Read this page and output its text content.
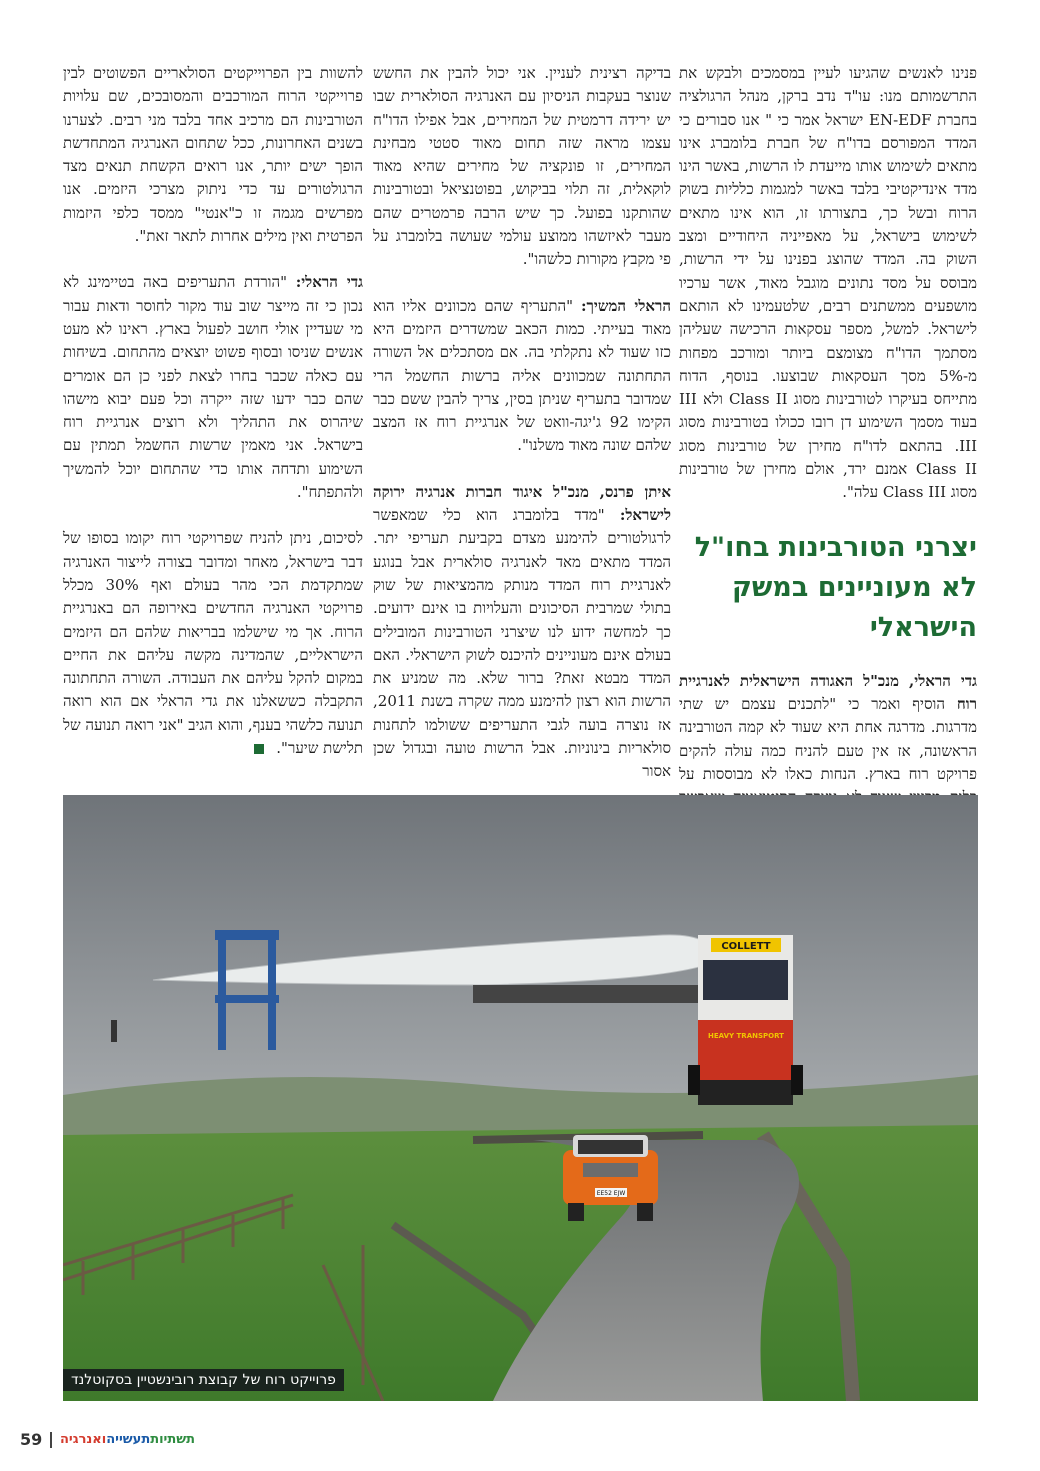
פנינו לאנשים שהגיעו לעיין במסמכים ולבקש את התרשמותם מנו: עו"ד נדב ברקן, מנהל הרגולציה בחברת EN-EDF ישראל אמר כי " אנו סבורים כי המדד המפורסם בדו"ח של חברת בלומברג אינו מתאים לשימוש אותו מייעדת לו הרשות, באשר הינו מדד אינדיקטיבי בלבד באשר למגמות כלליות בשוק הרוח ובשל כך, בתצורתו זו, הוא אינו מתאים לשימוש בישראל, על מאפייניה היחודיים ומצב השוק בה. המדד שהוצג בפנינו על ידי הרשות, מבוסס על מסד נתונים מוגבל מאוד, אשר ערכיו מושפעים ממשתנים רבים, שלטעמינו לא הותאם לישראל. למשל, מספר עסקאות הרכישה שעליהן מסתמך הדו"ח מצומצם ביותר ומורכב מפחות מ-5% מסך העסקאות שבוצעו. בנוסף, הדוח מתייחס בעיקרו לטורבינות מסוג Class II ולא III בעוד מסמך השימוע דן רובו ככולו בטורבינות מסוג III. בהתאם לדו"ח מחירן של טורבינות מסוג Class II אמנם ירד, אולם מחירן של טורבינות מסוג Class III עלה".

יצרני הטורבינות בחו"ל לא מעוניינים במשק הישראלי

גדי הראלי, מנכ"ל האגודה הישראלית לאנרגיית רוח הוסיף ואמר כי "לתכנים עצמם יש שתי מדרגות. מדרגה אחת היא שעוד לא קמה הטורבינה הראשונה, אז אין טעם להניח כמה עולה להקים פרויקט רוח בארץ. הנחות כאלו לא מבוססות על

בדיקה רצינית לעניין. אני יכול להבין את החשש שנוצר בעקבות הניסיון עם האנרגיה הסולארית שבו יש ירידה דרמטית של המחירים, אבל אפילו הדו"ח עצמו מראה שזה תחום מאוד סטטי מבחינת המחירים, זו פונקציה של מחירים שהיא מאוד לוקאלית, זה תלוי בביקוש, בפוטנציאל ובטורבינות שהותקנו בפועל. כך שיש הרבה פרמטרים שהם מעבר לאיזשהו ממוצע עולמי שעושה בלומברג על פי מקבץ מקורות כלשהו".

הראלי המשיך: "התעריף שהם מכוונים אליו הוא מאוד בעייתי. כמות הכאב שמשדרים היזמים היא כזו שעוד לא נתקלתי בה. אם מסתכלים אל השורה התחתונה שמכוונים אליה ברשות החשמל הרי שמדובר בתעריף שניתן בסין, צריך להבין ששם כבר הקימו 92 ג'יגה-וואט של אנרגיית רוח אז המצב שלהם שונה מאוד משלנו".

איתן פרנס, מנכ"ל איגוד חברות אנרגיה ירוקה לישראל: "מדד בלומברג הוא כלי שמאפשר לרגולטורים להימנע מצדם בקביעת תעריפי יתר. המדד מתאים מאד לאנרגיה סולארית אבל בנוגע לאנרגיית רוח המדד מנותק מהמציאות של שוק בתולי שמרבית הסיכונים והעלויות בו אינם ידועים. כך למחשה ידוע לנו שיצרני הטורבינות המובילים בעולם אינם מעוניינים להיכנס לשוק הישראלי. האם המדד מבטא זאת? ברור שלא. מה שמניע את הרשות הוא רצון להימנע ממה שקרה בשנת 2011, אז נוצרה בועה לגבי התעריפים ששולמו לתחנות סולאריות בינוניות. אבל הרשות טועה ובגדול שכן אסור

להשוות בין הפרוייקטים הסולאריים הפשוטים לבין פרוייקטי הרוח המורכבים והמסובכים, שם עלויות הטורבינות הם מרכיב אחד בלבד מני רבים. לצערנו בשנים האחרונות, ככל שתחום האנרגיה המתחדשת הופך ישים יותר, אנו רואים הקשחת תנאים מצד הרגולטורים עד כדי ניתוק מצרכי היזמים. אנו מפרשים מגמה זו כ"אנטי" ממסד כלפי היזמות הפרטית ואין מילים אחרות לתאר זאת".

גדי הראלי: "הורדת התעריפים באה בטיימינג לא נכון כי זה מייצר שוב עוד מקור לחוסר ודאות עבור מי שעדיין אולי חושב לפעול בארץ. ראינו לא מעט אנשים שניסו ובסוף פשוט יוצאים מהתחום. בשיחות עם כאלה שכבר בחרו לצאת לפני כן הם אומרים שהם כבר ידעו שזה ייקרה וכל פעם יבוא מישהו שיהרוס את התהליך ולא רוצים אנרגיית רוח בישראל. אני מאמין שרשות החשמל תמתין עם השימוע ותדחה אותו כדי שהתחום יוכל להמשיך ולהתפתח".

לסיכום, ניתן להניח שפרויקטי רוח יקומו בסופו של דבר בישראל, מאחר ומדובר בצורה לייצור האנרגיה שמתקדמת הכי מהר בעולם ואף 30% מכלל פרויקטי האנרגיה החדשים באירופה הם באנרגיית הרוח. אך מי שישלמו בבריאות שלהם הם היזמים הישראליים, שהמדינה מקשה עליהם את החיים במקום להקל עליהם את העבודה. השורה התחתונה התקבלה כששאלנו את גדי הראלי אם הוא רואה תנועה כלשהי בענף, והוא הגיב "אני רואה תנועה של תלישת שיער".

COLLETT
HEAVY TRANSPORT
EE52 EJW
פרוייקט רוח של קבוצת רובינשטיין בסקוטלנד
59	תשתיותתעשייהואנרגיה
